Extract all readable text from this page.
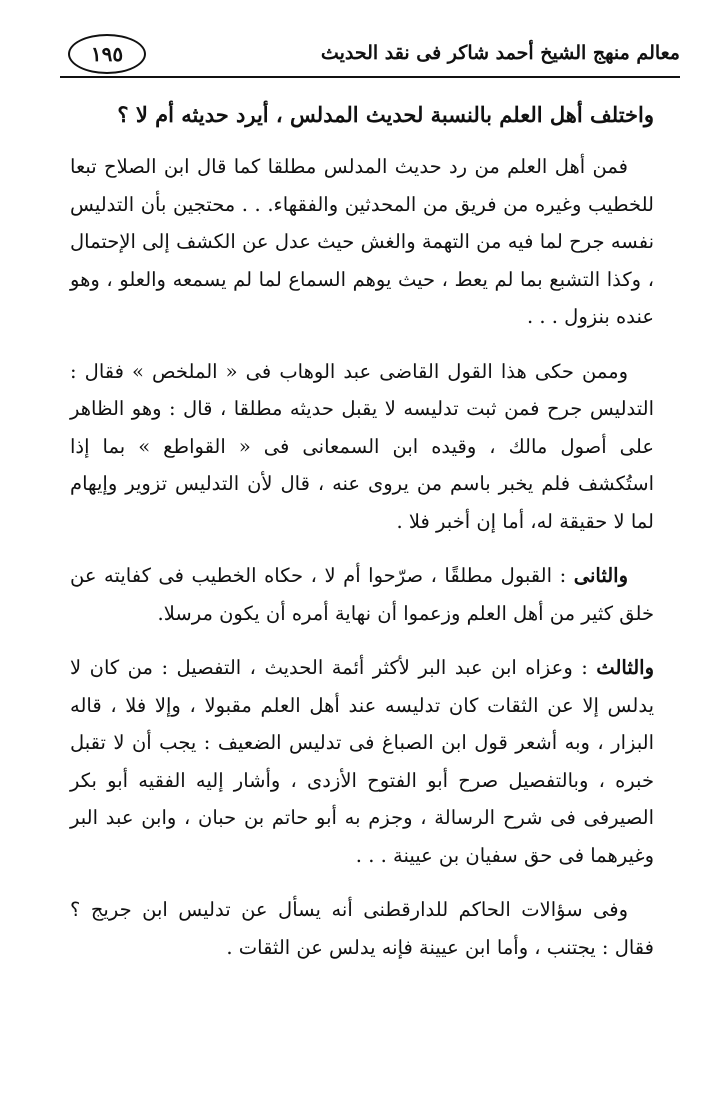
معالم منهج الشيخ أحمد شاكر فى نقد الحديث
١٩٥
واختلف أهل العلم بالنسبة لحديث المدلس ، أيرد حديثه أم لا ؟

فمن أهل العلم من رد حديث المدلس مطلقا كما قال ابن الصلاح تبعا للخطيب وغيره من فريق من المحدثين والفقهاء. . . محتجين بأن التدليس نفسه جرح لما فيه من التهمة والغش حيث عدل عن الكشف إلى الإحتمال ، وكذا التشبع بما لم يعط ، حيث يوهم السماع لما لم يسمعه والعلو ، وهو عنده بنزول . . .

وممن حكى هذا القول القاضى عبد الوهاب فى « الملخص » فقال : التدليس جرح فمن ثبت تدليسه لا يقبل حديثه مطلقا ، قال : وهو الظاهر على أصول مالك ، وقيده ابن السمعانى فى « القواطع » بما إذا استُكشف فلم يخبر باسم من يروى عنه ، قال لأن التدليس تزوير وإيهام لما لا حقيقة له، أما إن أخبر فلا .

والثانى : القبول مطلقًا ، صرّحوا أم لا ، حكاه الخطيب فى كفايته عن خلق كثير من أهل العلم وزعموا أن نهاية أمره أن يكون مرسلا.

والثالث : وعزاه ابن عبد البر لأكثر أئمة الحديث ، التفصيل : من كان لا يدلس إلا عن الثقات كان تدليسه عند أهل العلم مقبولا ، وإلا فلا ، قاله البزار ، وبه أشعر قول ابن الصباغ فى تدليس الضعيف : يجب أن لا تقبل خبره ، وبالتفصيل صرح أبو الفتوح الأزدى ، وأشار إليه الفقيه أبو بكر الصيرفى فى شرح الرسالة ، وجزم به أبو حاتم بن حبان ، وابن عبد البر وغيرهما فى حق سفيان بن عيينة . . .

وفى سؤالات الحاكم للدارقطنى أنه يسأل عن تدليس ابن جريج ؟ فقال : يجتنب ، وأما ابن عيينة فإنه يدلس عن الثقات .
